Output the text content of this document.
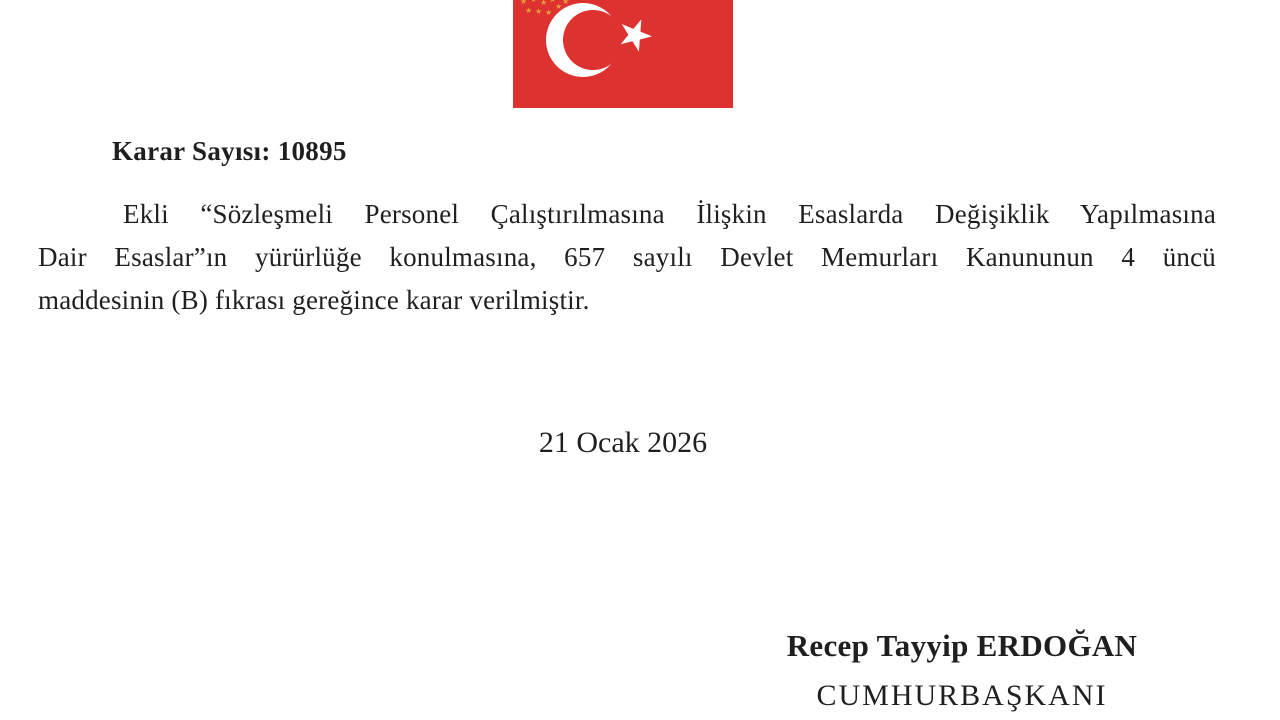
★
★
★
★
★
★
★
★
★
Karar Sayısı: 10895
Ekli “Sözleşmeli Personel Çalıştırılmasına İlişkin Esaslarda Değişiklik Yapılmasına
Dair Esaslar”ın yürürlüğe konulmasına, 657 sayılı Devlet Memurları Kanununun 4 üncü
maddesinin (B) fıkrası gereğince karar verilmiştir.
21 Ocak 2026
Recep Tayyip ERDOĞAN
CUMHURBAŞKANI
